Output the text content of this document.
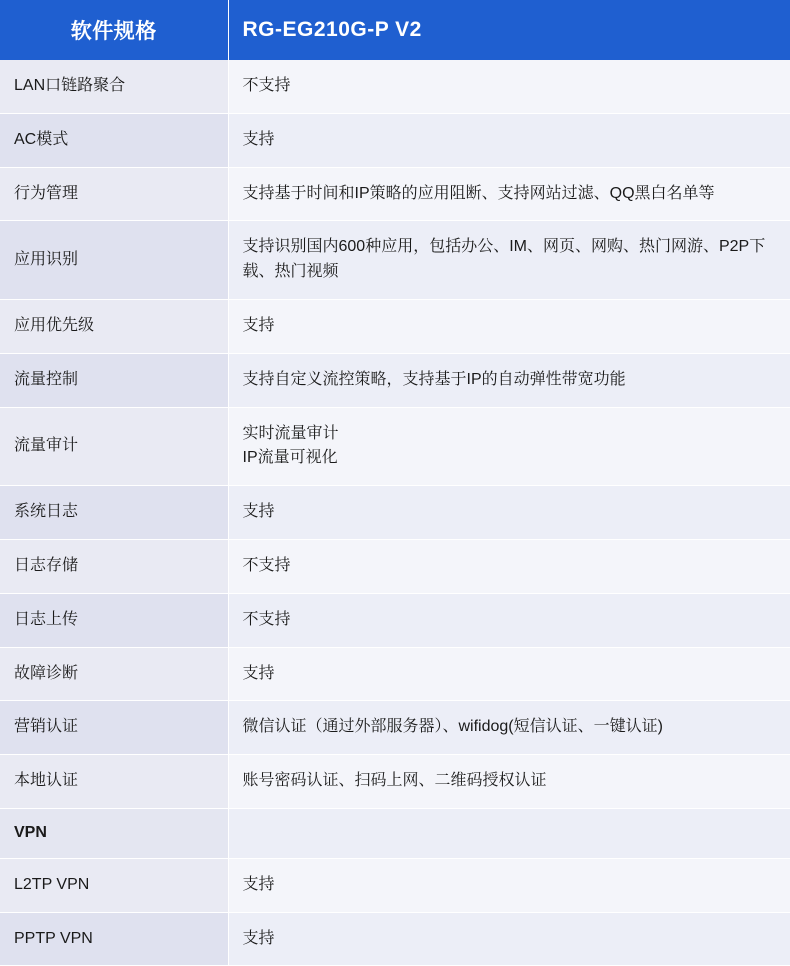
软件规格	RG-EG210G-P V2
LAN口链路聚合	不支持
AC模式	支持
行为管理	支持基于时间和IP策略的应用阻断、支持网站过滤、QQ黑白名单等
应用识别	支持识别国内600种应用，包括办公、IM、网页、网购、热门网游、P2P下载、热门视频
应用优先级	支持
流量控制	支持自定义流控策略，支持基于IP的自动弹性带宽功能
流量审计	实时流量审计
IP流量可视化

系统日志	支持
日志存储	不支持
日志上传	不支持
故障诊断	支持
营销认证	微信认证（通过外部服务器）、wifidog(短信认证、一键认证)
本地认证	账号密码认证、扫码上网、二维码授权认证
VPN	
L2TP VPN	支持
PPTP VPN	支持
